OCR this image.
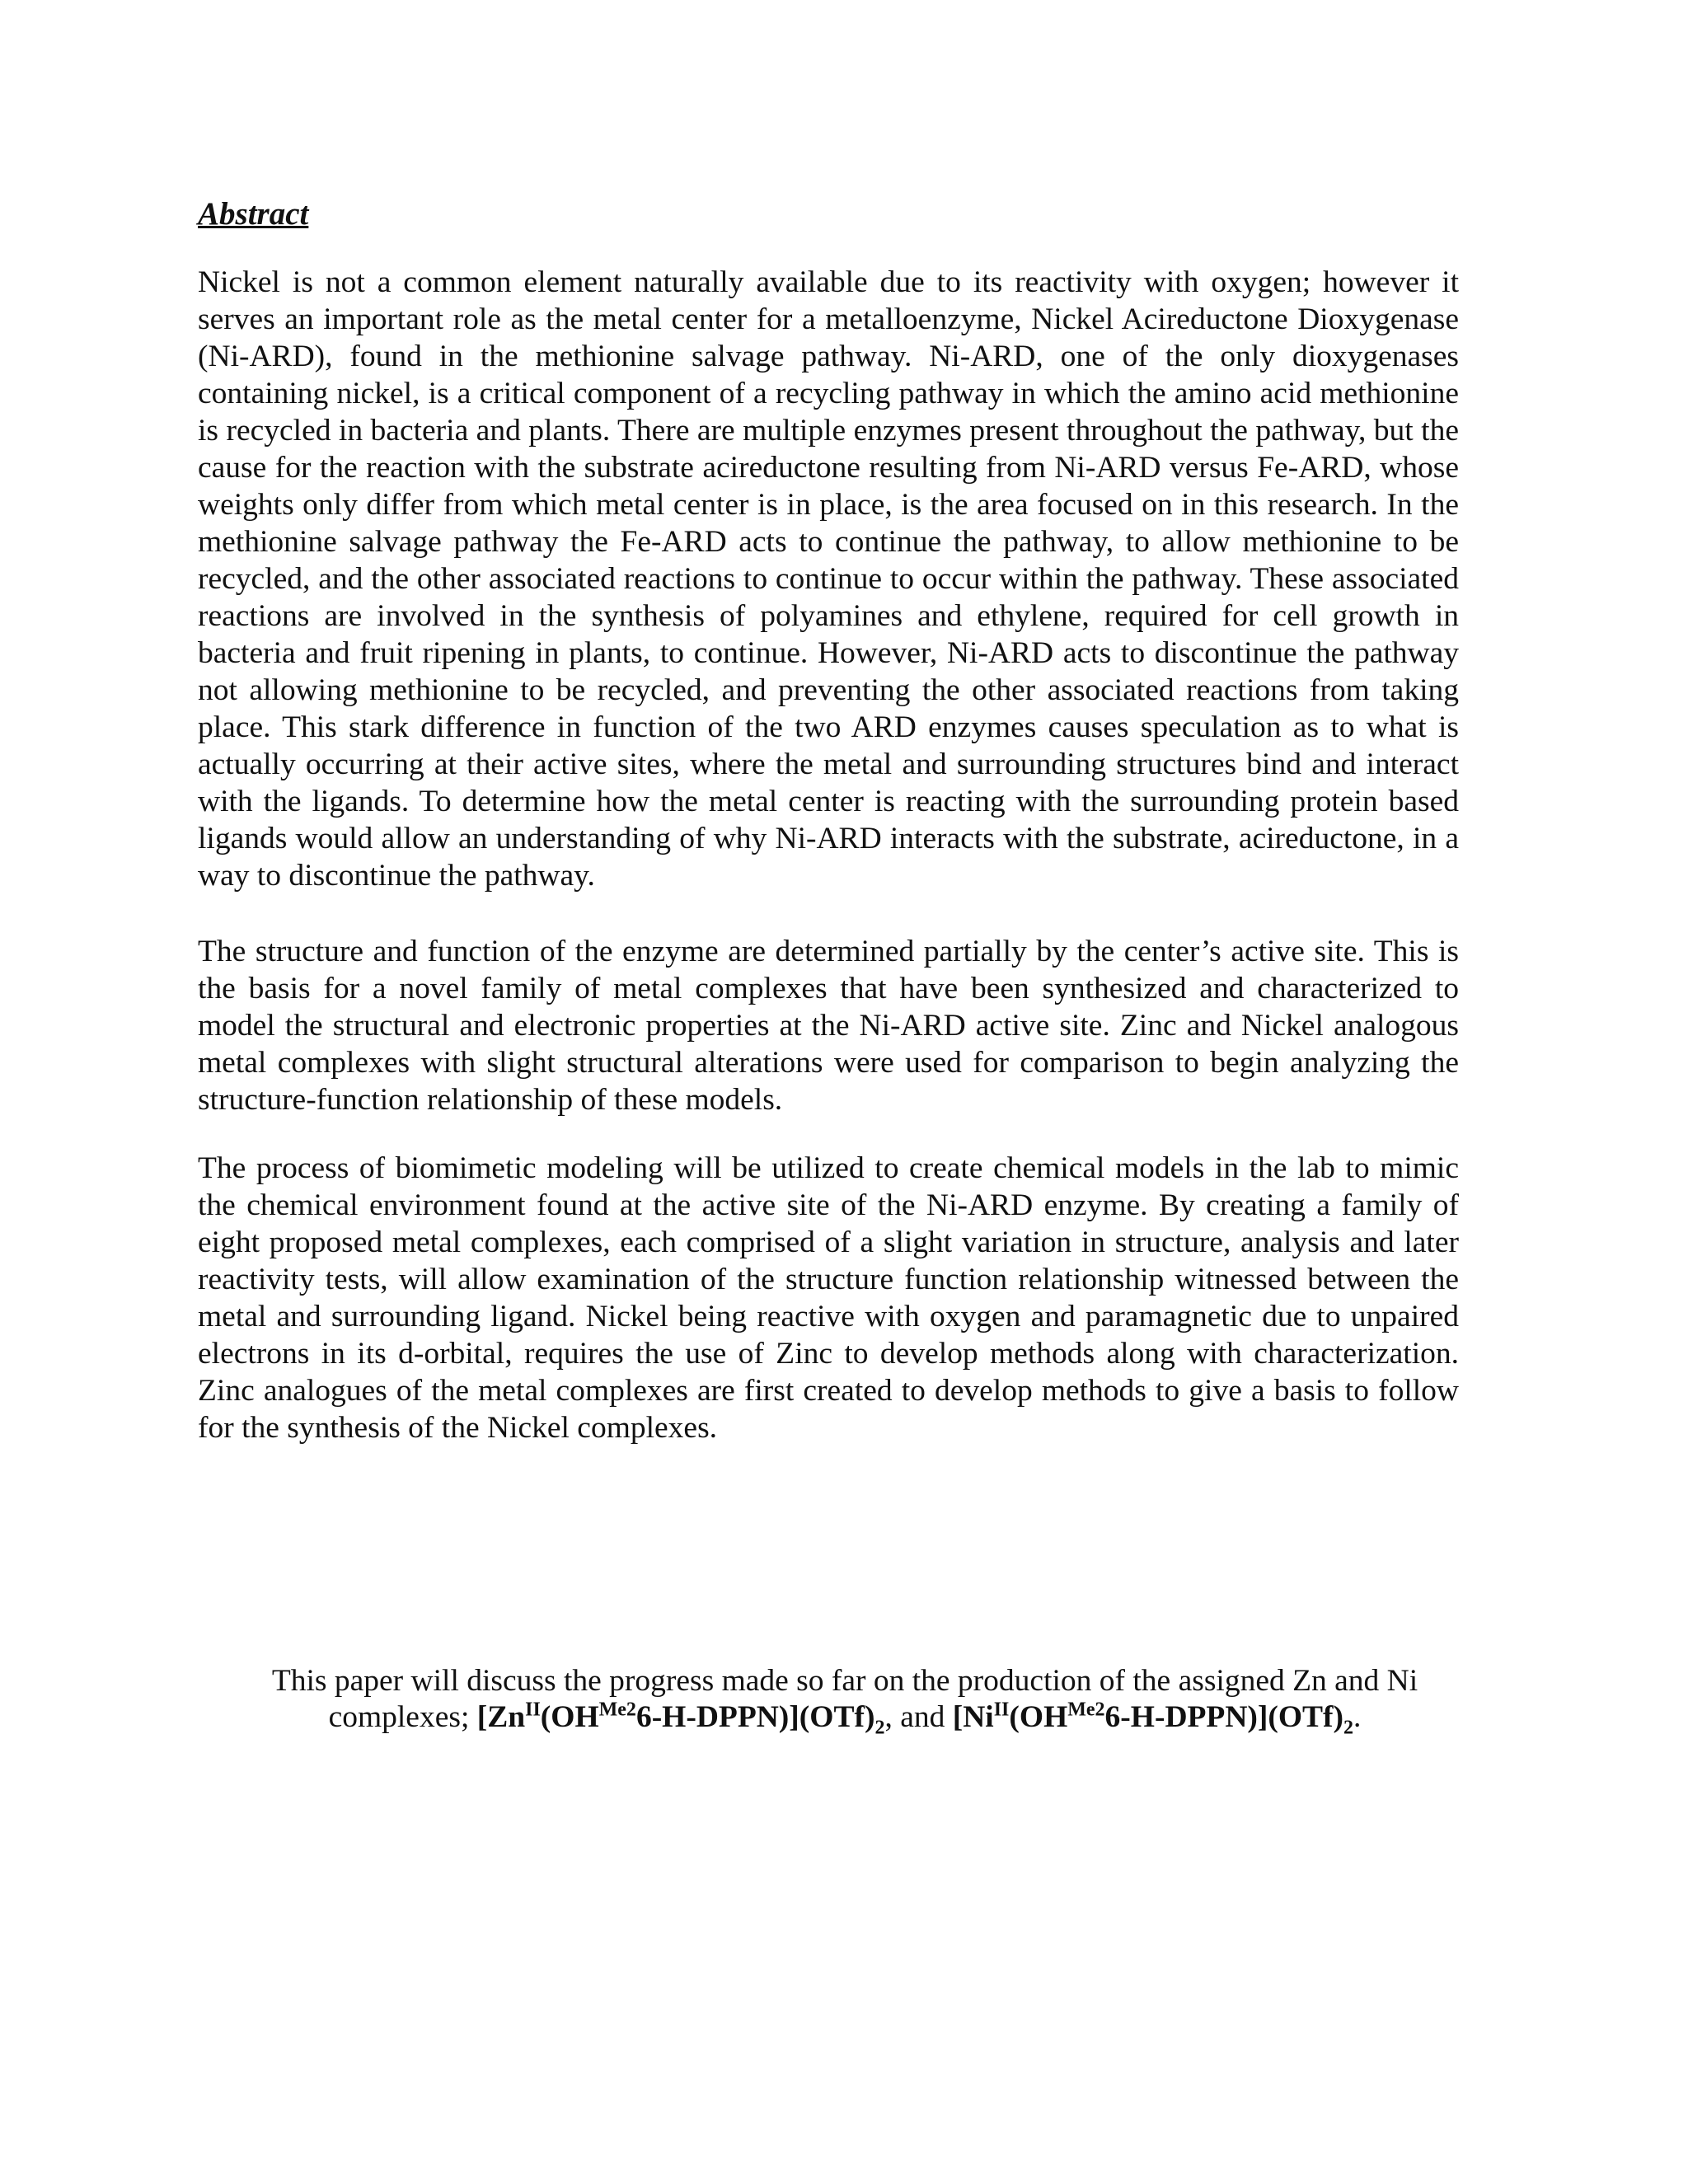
Abstract

Nickel is not a common element naturally available due to its reactivity with oxygen; however it serves an important role as the metal center for a metalloenzyme, Nickel Acireductone Dioxygenase (Ni-ARD), found in the methionine salvage pathway. Ni-ARD, one of the only dioxygenases containing nickel, is a critical component of a recycling pathway in which the amino acid methionine is recycled in bacteria and plants. There are multiple enzymes present throughout the pathway, but the cause for the reaction with the substrate acireductone resulting from Ni-ARD versus Fe-ARD, whose weights only differ from which metal center is in place, is the area focused on in this research. In the methionine salvage pathway the Fe-ARD acts to continue the pathway, to allow methionine to be recycled, and the other associated reactions to continue to occur within the pathway. These associated reactions are involved in the synthesis of polyamines and ethylene, required for cell growth in bacteria and fruit ripening in plants, to continue. However, Ni-ARD acts to discontinue the pathway not allowing methionine to be recycled, and preventing the other associated reactions from taking place. This stark difference in function of the two ARD enzymes causes speculation as to what is actually occurring at their active sites, where the metal and surrounding structures bind and interact with the ligands. To determine how the metal center is reacting with the surrounding protein based ligands would allow an understanding of why Ni-ARD interacts with the substrate, acireductone, in a way to discontinue the pathway.

The structure and function of the enzyme are determined partially by the center’s active site. This is the basis for a novel family of metal complexes that have been synthesized and characterized to model the structural and electronic properties at the Ni-ARD active site. Zinc and Nickel analogous metal complexes with slight structural alterations were used for comparison to begin analyzing the structure-function relationship of these models.

The process of biomimetic modeling will be utilized to create chemical models in the lab to mimic the chemical environment found at the active site of the Ni-ARD enzyme. By creating a family of eight proposed metal complexes, each comprised of a slight variation in structure, analysis and later reactivity tests, will allow examination of the structure function relationship witnessed between the metal and surrounding ligand. Nickel being reactive with oxygen and paramagnetic due to unpaired electrons in its d-orbital, requires the use of Zinc to develop methods along with characterization. Zinc analogues of the metal complexes are first created to develop methods to give a basis to follow for the synthesis of the Nickel complexes.

This paper will discuss the progress made so far on the production of the assigned Zn and Ni complexes; $[Zn^{II}(OH^{Me2}6-H-DPPN)](OTf)_2$, and $[Ni^{II}(OH^{Me2}6-H-DPPN)](OTf)_2$.
